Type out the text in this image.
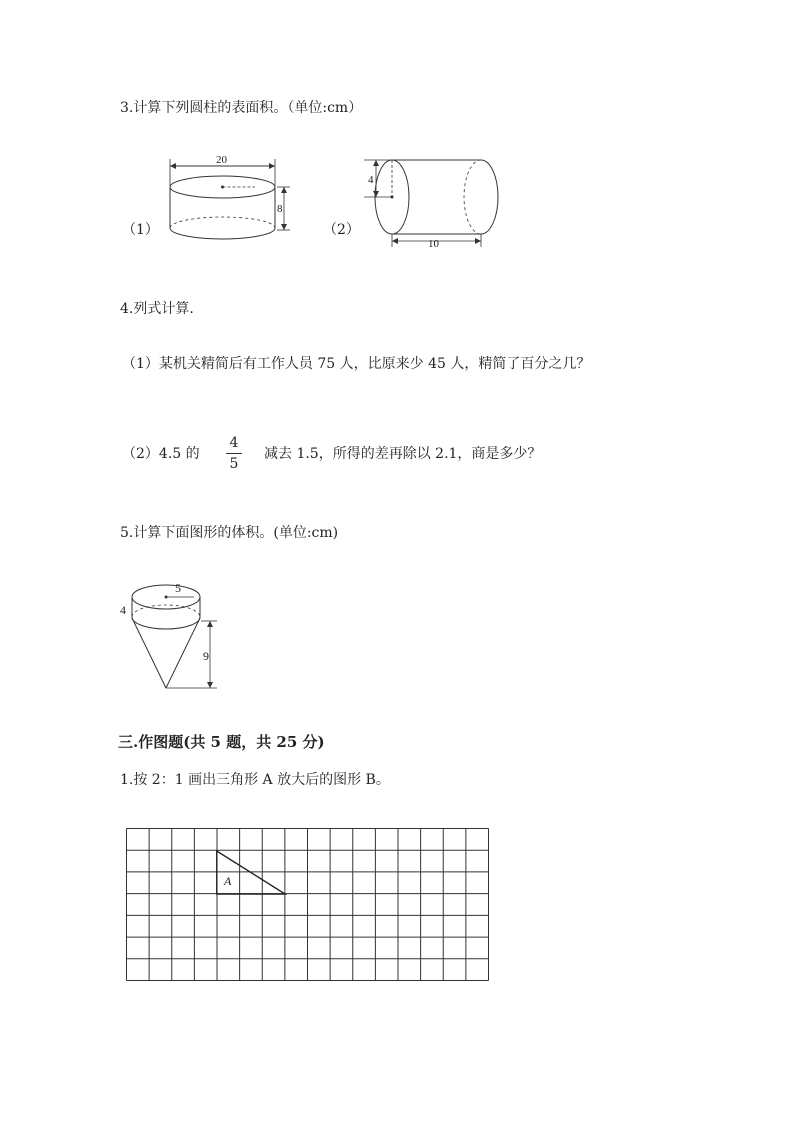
3.计算下列圆柱的表面积。（单位:cm）
（1）
20
8
（2）
4
10
4.列式计算.
（1）某机关精简后有工作人员 75 人，比原来少 45 人，精简了百分之几？
（2）4.5 的
4
5
减去 1.5，所得的差再除以 2.1，商是多少？
5.计算下面图形的体积。(单位:cm)
5
4
9
三.作图题(共 5 题，共 25 分)
1.按 2：1 画出三角形 A 放大后的图形 B。
A
